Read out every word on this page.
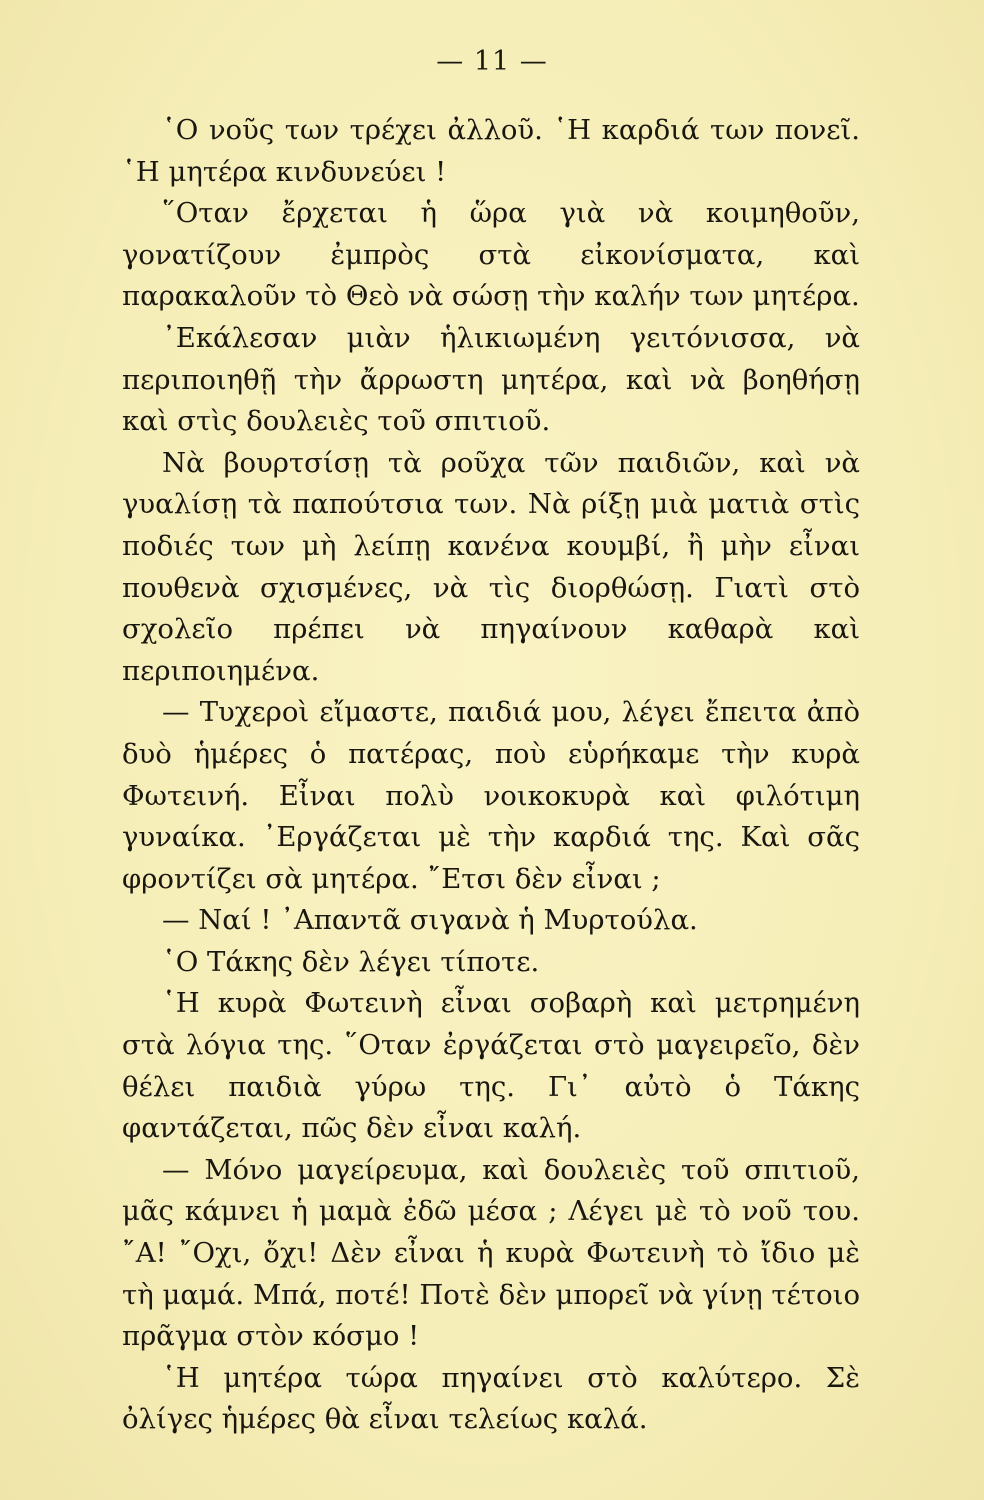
— 11 —

῾Ο νοῦς των τρέχει ἀλλοῦ. ῾Η καρδιά των πονεῖ. ῾Η μητέρα κινδυνεύει !

῞Οταν ἔρχεται ἡ ὥρα γιὰ νὰ κοιμηθοῦν, γονατίζουν ἐμπρὸς στὰ εἰκονίσματα, καὶ παρακαλοῦν τὸ Θεὸ νὰ σώσῃ τὴν καλήν των μητέρα.

᾿Εκάλεσαν μιὰν ἡλικιωμένη γειτόνισσα, νὰ περιποιηθῇ τὴν ἄρρωστη μητέρα, καὶ νὰ βοηθήσῃ καὶ στὶς δουλειὲς τοῦ σπιτιοῦ.

Νὰ βουρτσίσῃ τὰ ροῦχα τῶν παιδιῶν, καὶ νὰ γυαλίσῃ τὰ παπούτσια των. Νὰ ρίξῃ μιὰ ματιὰ στὶς ποδιές των μὴ λείπῃ κανένα κουμβί, ἢ μὴν εἶναι πουθενὰ σχισμένες, νὰ τὶς διορθώσῃ. Γιατὶ στὸ σχολεῖο πρέπει νὰ πηγαίνουν καθαρὰ καὶ περιποιημένα.

— Τυχεροὶ εἴμαστε, παιδιά μου, λέγει ἔπειτα ἀπὸ δυὸ ἡμέρες ὁ πατέρας, ποὺ εὑρήκαμε τὴν κυρὰ Φωτεινή. Εἶναι πολὺ νοικοκυρὰ καὶ φιλότιμη γυναίκα. ᾿Εργάζεται μὲ τὴν καρδιά της. Καὶ σᾶς φροντίζει σὰ μητέρα. ῎Ετσι δὲν εἶναι ;

— Ναί ! ᾿Απαντᾶ σιγανὰ ἡ Μυρτούλα.

῾Ο Τάκης δὲν λέγει τίποτε.

῾Η κυρὰ Φωτεινὴ εἶναι σοβαρὴ καὶ μετρημένη στὰ λόγια της. ῞Οταν ἐργάζεται στὸ μαγειρεῖο, δὲν θέλει παιδιὰ γύρω της. Γι᾿ αὐτὸ ὁ Τάκης φαντάζεται, πῶς δὲν εἶναι καλή.

— Μόνο μαγείρευμα, καὶ δουλειὲς τοῦ σπιτιοῦ, μᾶς κάμνει ἡ μαμὰ ἐδῶ μέσα ; Λέγει μὲ τὸ νοῦ του. ῎Α! ῎Οχι, ὄχι! Δὲν εἶναι ἡ κυρὰ Φωτεινὴ τὸ ἴδιο μὲ τὴ μαμά. Μπά, ποτέ! Ποτὲ δὲν μπορεῖ νὰ γίνῃ τέτοιο πρᾶγμα στὸν κόσμο !

῾Η μητέρα τώρα πηγαίνει στὸ καλύτερο. Σὲ ὀλίγες ἡμέρες θὰ εἶναι τελείως καλά.
